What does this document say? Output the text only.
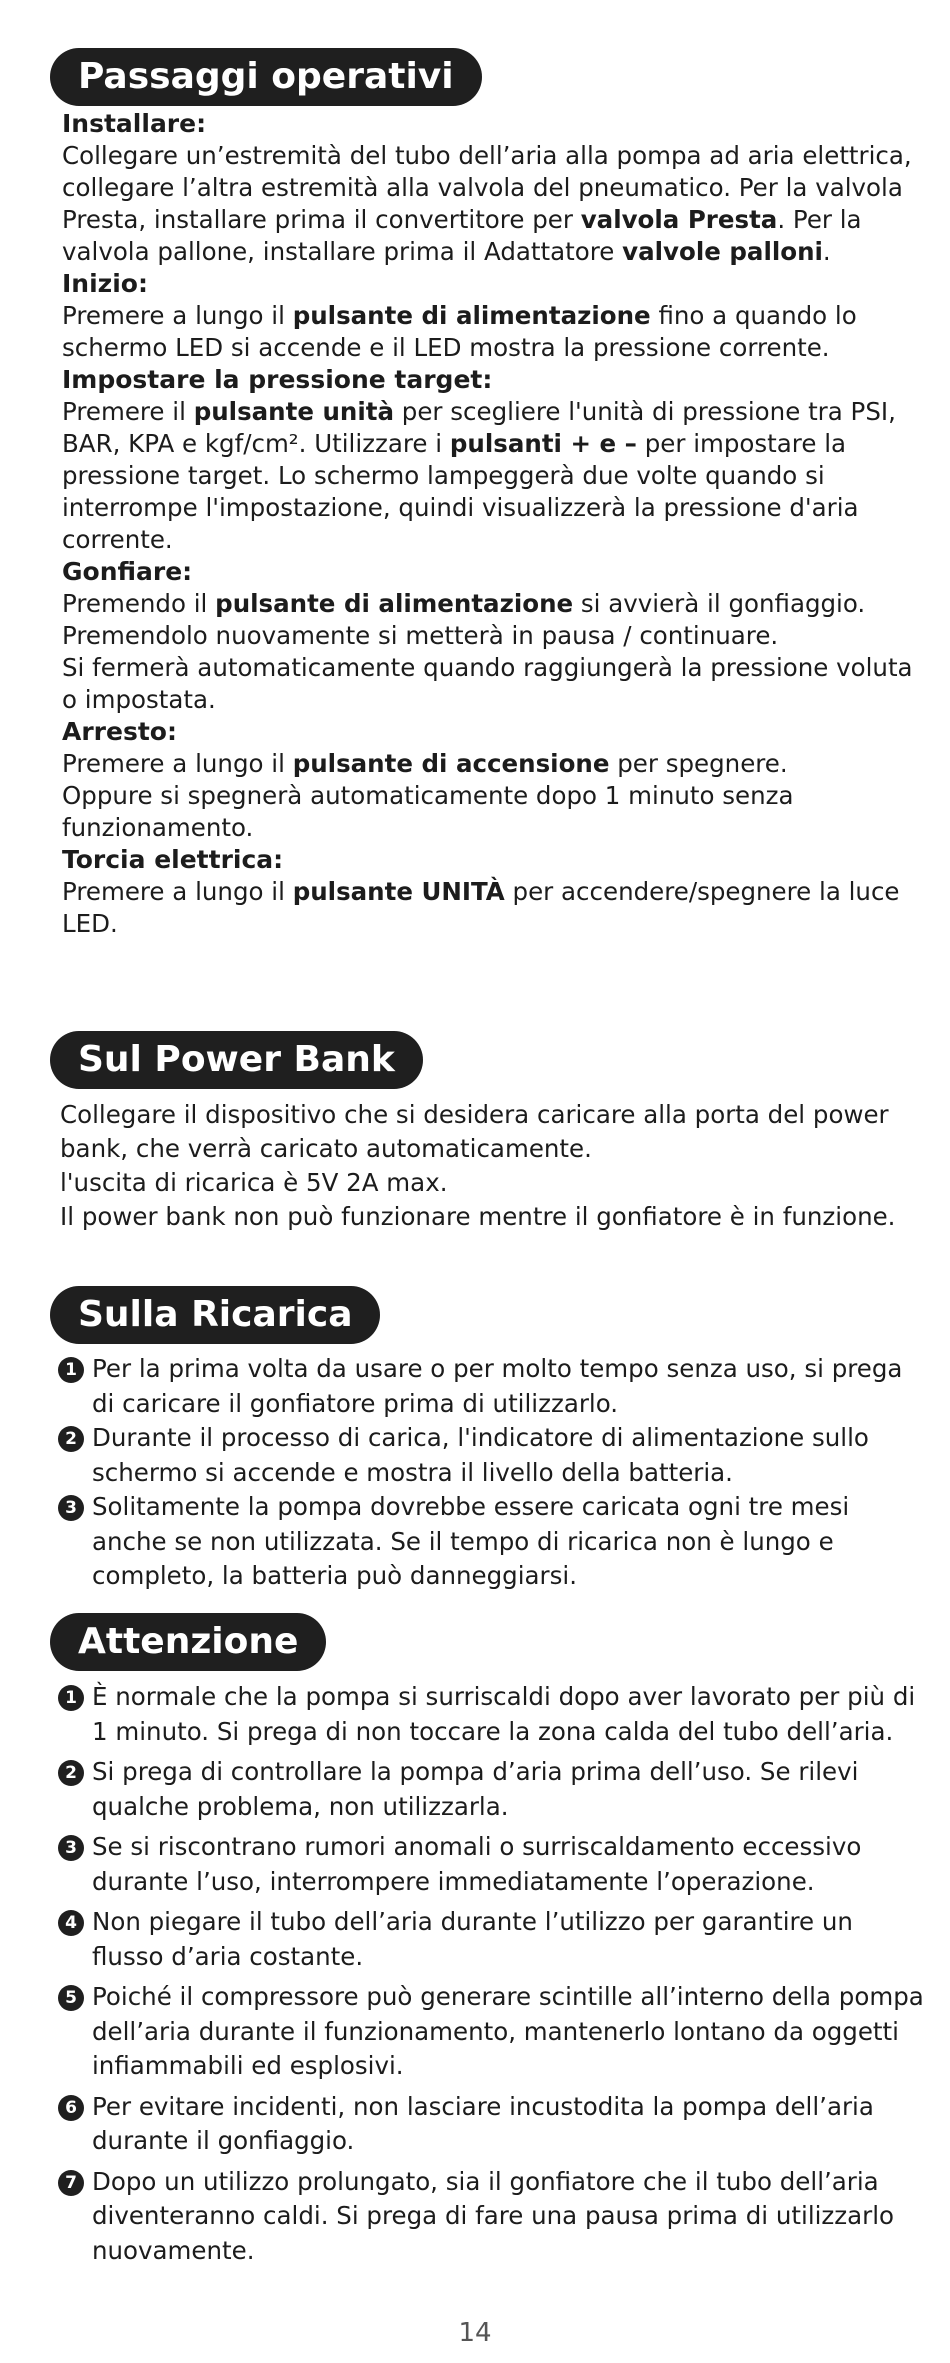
Passaggi operativi

Installare:

Collegare un’estremità del tubo dell’aria alla pompa ad aria elettrica, collegare l’altra estremità alla valvola del pneumatico. Per la valvola Presta, installare prima il convertitore per valvola Presta. Per la valvola pallone, installare prima il Adattatore valvole palloni.

Inizio:

Premere a lungo il pulsante di alimentazione fino a quando lo schermo LED si accende e il LED mostra la pressione corrente.

Impostare la pressione target:

Premere il pulsante unità per scegliere l'unità di pressione tra PSI, BAR, KPA e kgf/cm². Utilizzare i pulsanti + e – per impostare la pressione target. Lo schermo lampeggerà due volte quando si interrompe l'impostazione, quindi visualizzerà la pressione d'aria corrente.

Gonfiare:

Premendo il pulsante di alimentazione si avvierà il gonfiaggio.

Premendolo nuovamente si metterà in pausa / continuare.

Si fermerà automaticamente quando raggiungerà la pressione voluta o impostata.

Arresto:

Premere a lungo il pulsante di accensione per spegnere.

Oppure si spegnerà automaticamente dopo 1 minuto senza funzionamento.

Torcia elettrica:

Premere a lungo il pulsante UNITÀ per accendere/spegnere la luce LED.

Sul Power Bank

Collegare il dispositivo che si desidera caricare alla porta del power bank, che verrà caricato automaticamente.

l'uscita di ricarica è 5V 2A max.

Il power bank non può funzionare mentre il gonfiatore è in funzione.

Sulla Ricarica
1 Per la prima volta da usare o per molto tempo senza uso, si prega di caricare il gonfiatore prima di utilizzarlo.
2 Durante il processo di carica, l'indicatore di alimentazione sullo schermo si accende e mostra il livello della batteria.
3 Solitamente la pompa dovrebbe essere caricata ogni tre mesi anche se non utilizzata. Se il tempo di ricarica non è lungo e completo, la batteria può danneggiarsi.
Attenzione
1 È normale che la pompa si surriscaldi dopo aver lavorato per più di 1 minuto. Si prega di non toccare la zona calda del tubo dell’aria.
2 Si prega di controllare la pompa d’aria prima dell’uso. Se rilevi qualche problema, non utilizzarla.
3 Se si riscontrano rumori anomali o surriscaldamento eccessivo durante l’uso, interrompere immediatamente l’operazione.
4 Non piegare il tubo dell’aria durante l’utilizzo per garantire un flusso d’aria costante.
5 Poiché il compressore può generare scintille all’interno della pompa dell’aria durante il funzionamento, mantenerlo lontano da oggetti infiammabili ed esplosivi.
6 Per evitare incidenti, non lasciare incustodita la pompa dell’aria durante il gonfiaggio.
7 Dopo un utilizzo prolungato, sia il gonfiatore che il tubo dell’aria diventeranno caldi. Si prega di fare una pausa prima di utilizzarlo nuovamente.
14
